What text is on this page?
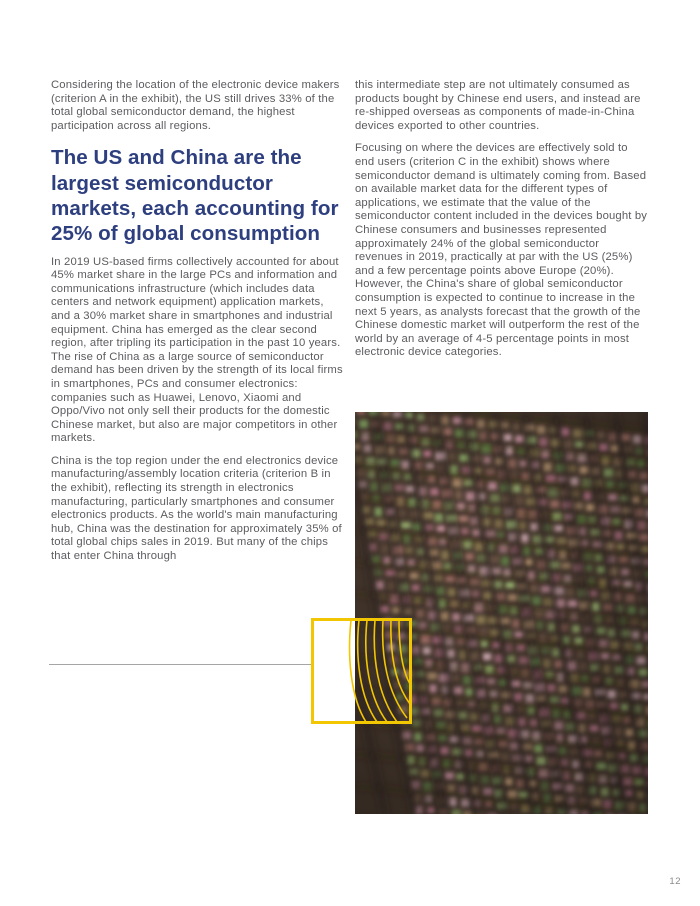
Considering the location of the electronic device makers (criterion A in the exhibit), the US still drives 33% of the total global semiconductor demand, the highest participation across all regions.

The US and China are the largest semiconductor markets, each accounting for 25% of global consumption

In 2019 US-based firms collectively accounted for about 45% market share in the large PCs and information and communications infrastructure (which includes data centers and network equipment) application markets, and a 30% market share in smartphones and industrial equipment. China has emerged as the clear second region, after tripling its participation in the past 10 years. The rise of China as a large source of semiconductor demand has been driven by the strength of its local firms in smartphones, PCs and consumer electronics: companies such as Huawei, Lenovo, Xiaomi and Oppo/Vivo not only sell their products for the domestic Chinese market, but also are major competitors in other markets.

China is the top region under the end electronics device manufacturing/assembly location criteria (criterion B in the exhibit), reflecting its strength in electronics manufacturing, particularly smartphones and consumer electronics products. As the world's main manufacturing hub, China was the destination for approximately 35% of total global chips sales in 2019. But many of the chips that enter China through

this intermediate step are not ultimately consumed as products bought by Chinese end users, and instead are re-shipped overseas as components of made-in-China devices exported to other countries.

Focusing on where the devices are effectively sold to end users (criterion C in the exhibit) shows where semiconductor demand is ultimately coming from. Based on available market data for the different types of applications, we estimate that the value of the semiconductor content included in the devices bought by Chinese consumers and businesses represented approximately 24% of the global semiconductor revenues in 2019, practically at par with the US (25%) and a few percentage points above Europe (20%). However, the China's share of global semiconductor consumption is expected to continue to increase in the next 5 years, as analysts forecast that the growth of the Chinese domestic market will outperform the rest of the world by an average of 4-5 percentage points in most electronic device categories.

12
